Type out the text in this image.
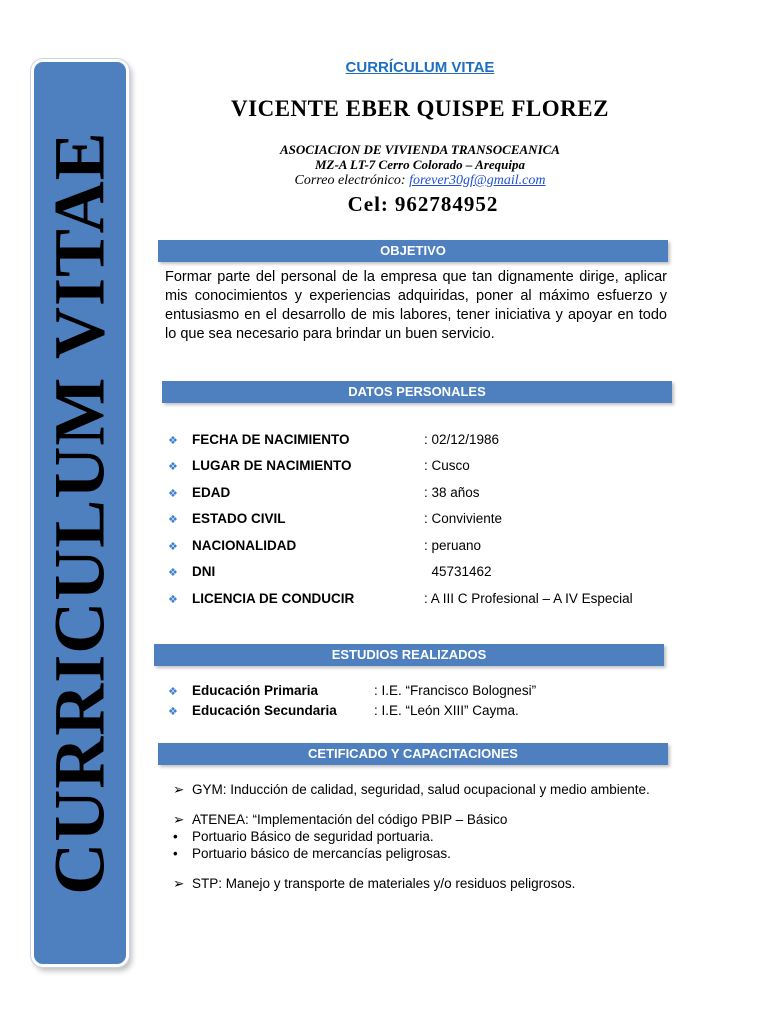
CURRICULUM VITAE
CURRÍCULUM VITAE
VICENTE EBER QUISPE FLOREZ
ASOCIACION DE VIVIENDA TRANSOCEANICA
MZ-A LT-7 Cerro Colorado – Arequipa
Correo electrónico: forever30gf@gmail.com
Cel: 962784952
OBJETIVO
Formar parte del personal de la empresa que tan dignamente dirige, aplicar mis conocimientos y experiencias adquiridas, poner al máximo esfuerzo y entusiasmo en el desarrollo de mis labores, tener iniciativa y apoyar en todo lo que sea necesario para brindar un buen servicio.
DATOS PERSONALES
❖ FECHA DE NACIMIENTO	: 02/12/1986
❖ LUGAR DE NACIMIENTO	: Cusco
❖ EDAD	: 38 años
❖ ESTADO CIVIL	: Conviviente
❖ NACIONALIDAD	: peruano
❖ DNI	45731462
❖ LICENCIA DE CONDUCIR	: A III C Profesional – A IV Especial
ESTUDIOS REALIZADOS
❖ Educación Primaria	: I.E. “Francisco Bolognesi”
❖ Educación Secundaria	: I.E. “León XIII” Cayma.
CETIFICADO Y CAPACITACIONES
➢ GYM: Inducción de calidad, seguridad, salud ocupacional y medio ambiente.
➢ ATENEA: “Implementación del código PBIP – Básico
• Portuario Básico de seguridad portuaria.
• Portuario básico de mercancías peligrosas.
➢ STP: Manejo y transporte de materiales y/o residuos peligrosos.
